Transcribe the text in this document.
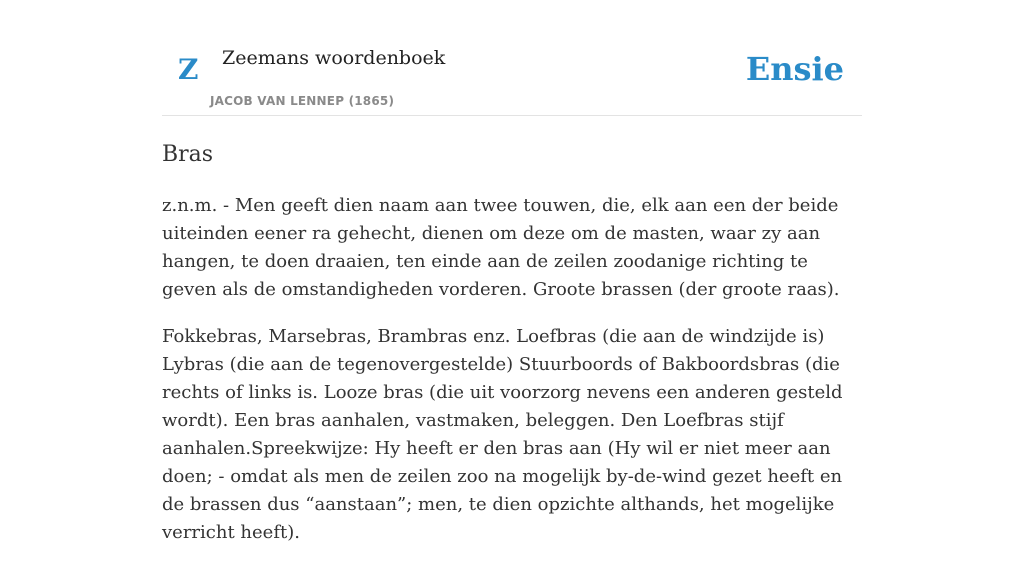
Z Zeemans woordenboek
JACOB VAN LENNEP (1865)
Ensie
Bras

z.n.m. - Men geeft dien naam aan twee touwen, die, elk aan een der beide uiteinden eener ra gehecht, dienen om deze om de masten, waar zy aan hangen, te doen draaien, ten einde aan de zeilen zoodanige richting te geven als de omstandigheden vorderen. Groote brassen (der groote raas).

Fokkebras, Marsebras, Brambras enz. Loefbras (die aan de windzijde is) Lybras (die aan de tegenovergestelde) Stuurboords of Bakboordsbras (die rechts of links is. Looze bras (die uit voorzorg nevens een anderen gesteld wordt). Een bras aanhalen, vastmaken, beleggen. Den Loefbras stijf aanhalen.Spreekwijze: Hy heeft er den bras aan (Hy wil er niet meer aan doen; - omdat als men de zeilen zoo na mogelijk by-de-wind gezet heeft en de brassen dus “aanstaan”; men, te dien opzichte althands, het mogelijke verricht heeft).
